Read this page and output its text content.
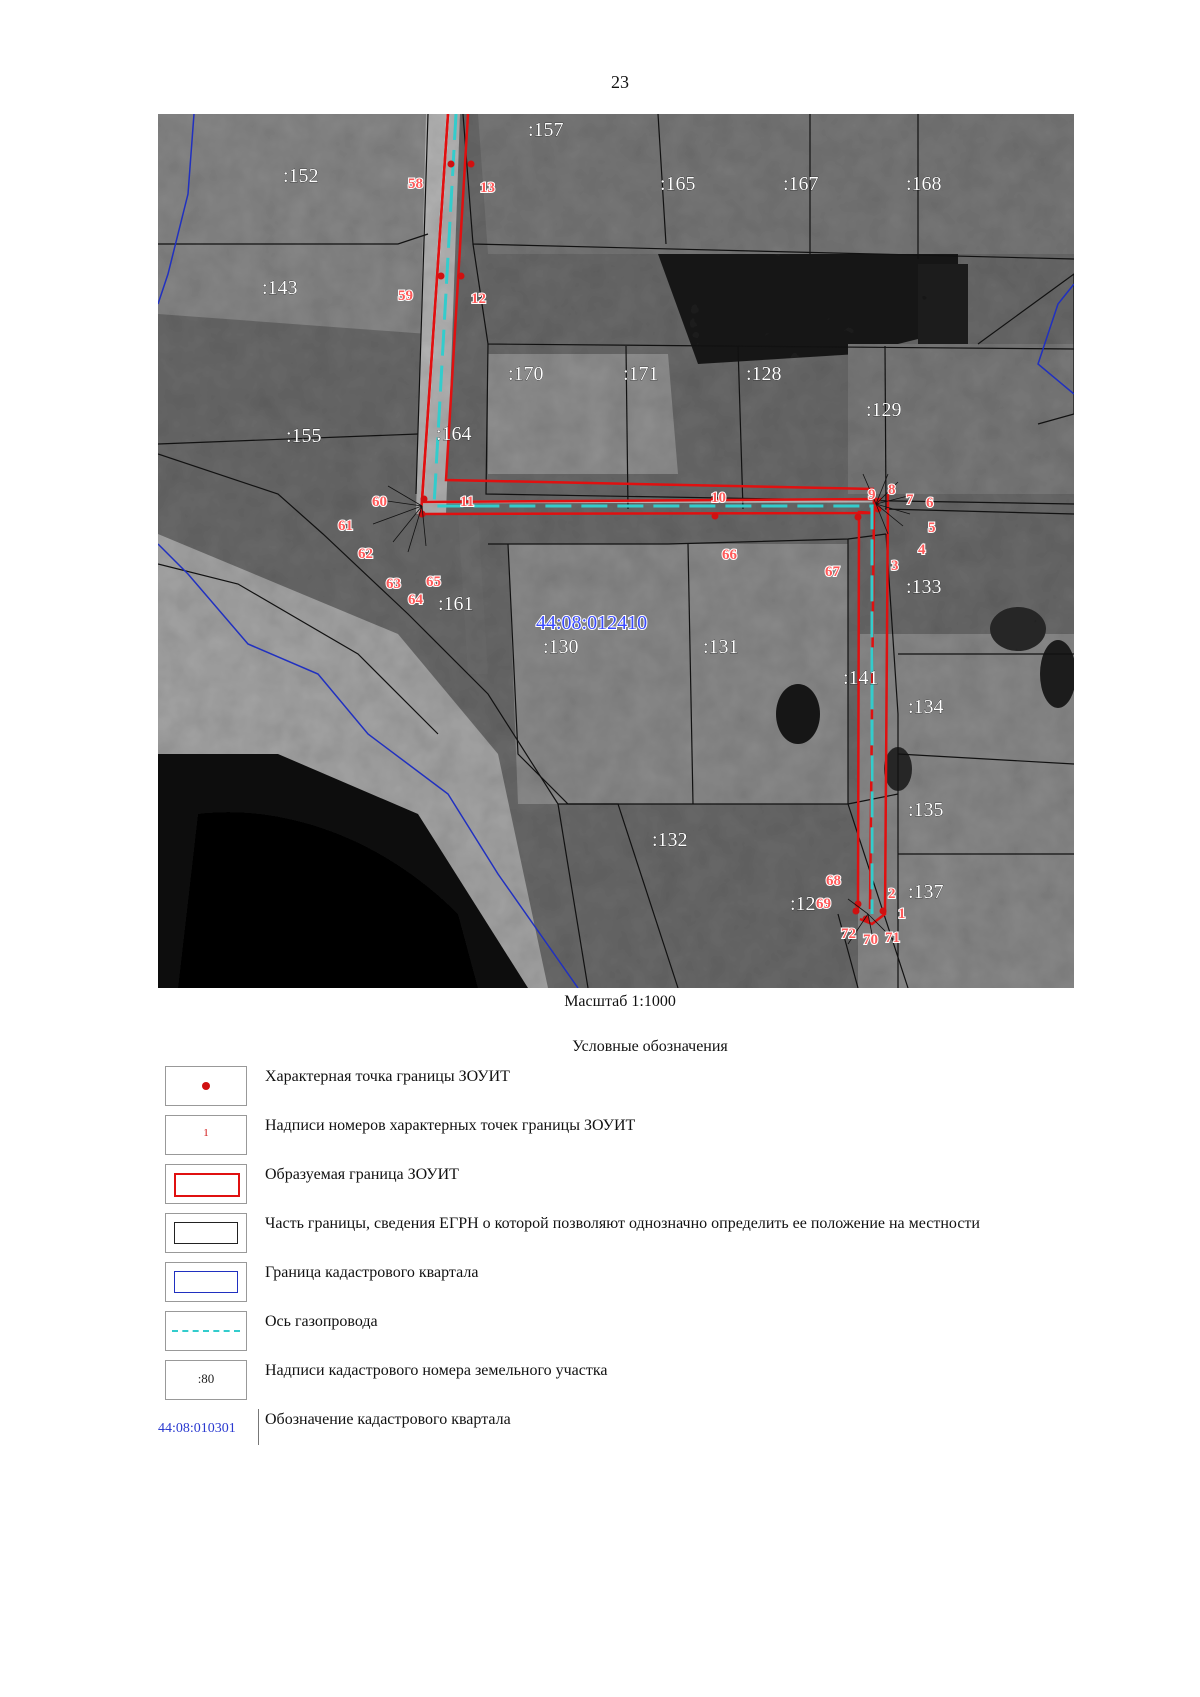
23
:157
:152	:165	:167	:168
:143
:170	:171	:128
:129
:155	:164
:161
:130	:131
:133
:141
:134
:135
:132
:137
:12
58	13
59	12
11
60
61
62
63
64
65
10
66
9 8
7 6
5
4
3
67
68
69
2
1
72 70 71
44:08:012410
Масштаб 1:1000
Условные обозначения
Характерная точка границы ЗОУИТ
1	Надписи номеров характерных точек границы ЗОУИТ
Образуемая граница ЗОУИТ
Часть границы, сведения ЕГРН о которой позволяют однозначно определить ее положение на местности
Граница кадастрового квартала
Ось газопровода
:80	Надписи кадастрового номера земельного участка
44:08:010301
Обозначение кадастрового квартала
